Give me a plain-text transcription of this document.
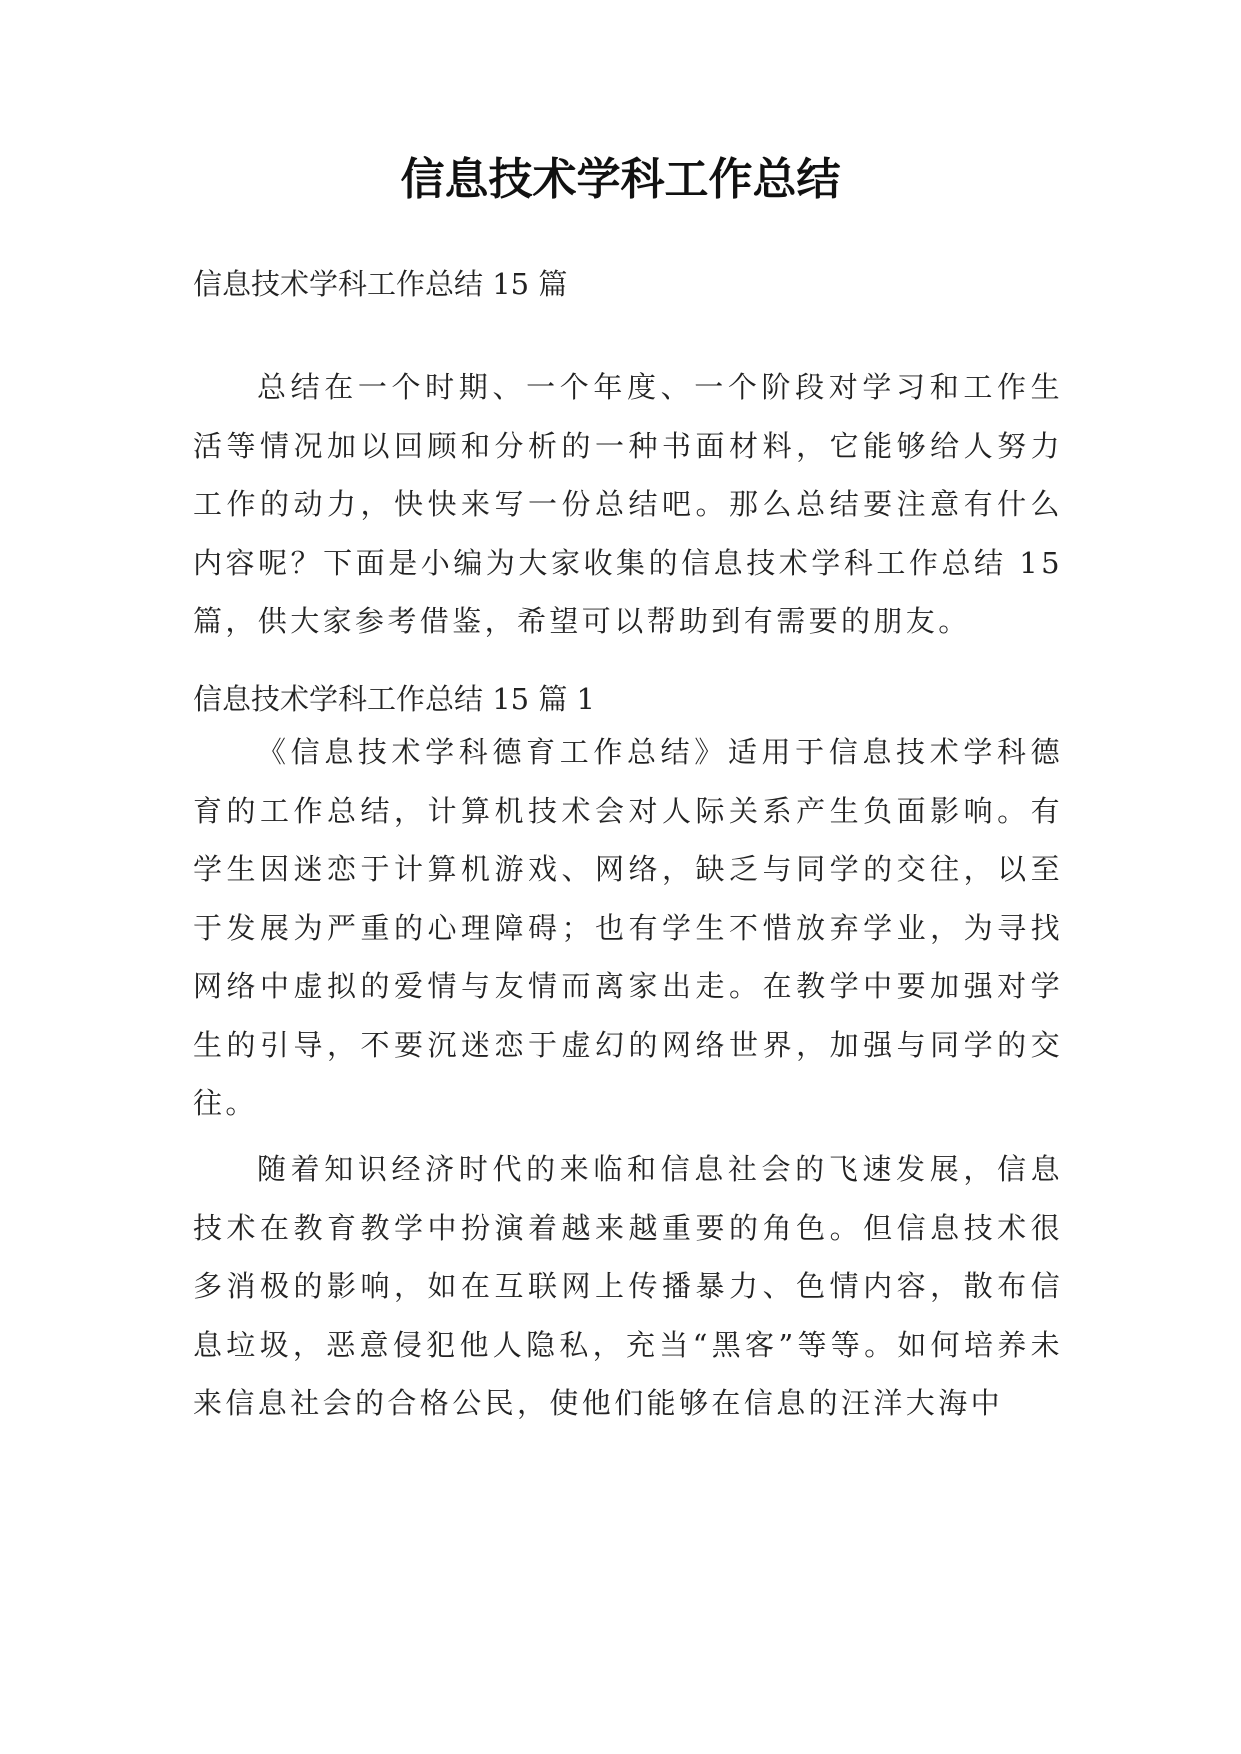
信息技术学科工作总结

信息技术学科工作总结 15 篇

总结在一个时期、一个年度、一个阶段对学习和工作生活等情况加以回顾和分析的一种书面材料，它能够给人努力工作的动力，快快来写一份总结吧。那么总结要注意有什么内容呢？下面是小编为大家收集的信息技术学科工作总结 15 篇，供大家参考借鉴，希望可以帮助到有需要的朋友。

信息技术学科工作总结 15 篇 1

《信息技术学科德育工作总结》适用于信息技术学科德育的工作总结，计算机技术会对人际关系产生负面影响。有学生因迷恋于计算机游戏、网络，缺乏与同学的交往，以至于发展为严重的心理障碍；也有学生不惜放弃学业，为寻找网络中虚拟的爱情与友情而离家出走。在教学中要加强对学生的引导，不要沉迷恋于虚幻的网络世界，加强与同学的交往。

随着知识经济时代的来临和信息社会的飞速发展，信息技术在教育教学中扮演着越来越重要的角色。但信息技术很多消极的影响，如在互联网上传播暴力、色情内容，散布信息垃圾，恶意侵犯他人隐私，充当“黑客”等等。如何培养未来信息社会的合格公民，使他们能够在信息的汪洋大海中
